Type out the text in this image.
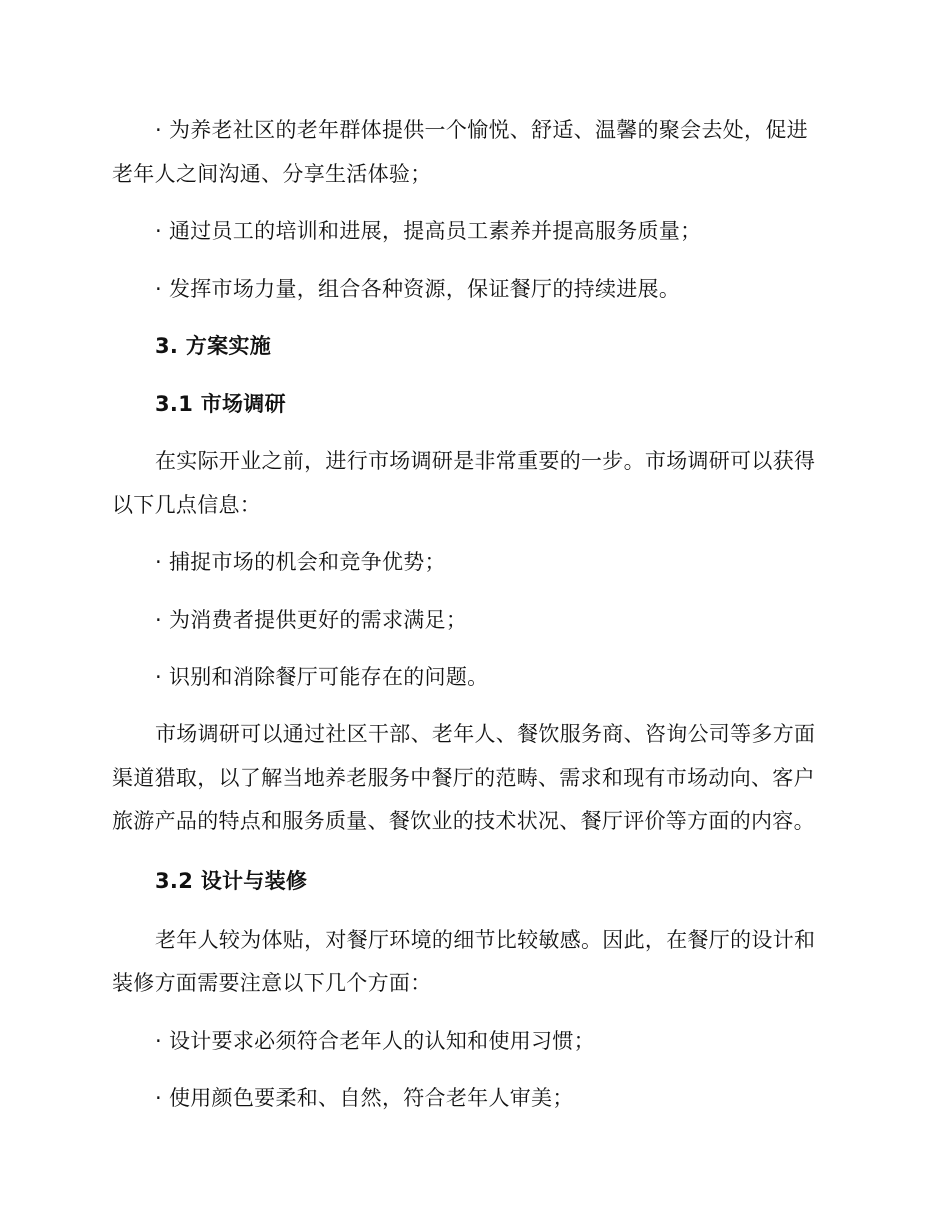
· 为养老社区的老年群体提供一个愉悦、舒适、温馨的聚会去处，促进
老年人之间沟通、分享生活体验；
· 通过员工的培训和进展，提高员工素养并提高服务质量；
· 发挥市场力量，组合各种资源，保证餐厅的持续进展。
3. 方案实施
3.1 市场调研
在实际开业之前，进行市场调研是非常重要的一步。市场调研可以获得
以下几点信息：
· 捕捉市场的机会和竞争优势；
· 为消费者提供更好的需求满足；
· 识别和消除餐厅可能存在的问题。
市场调研可以通过社区干部、老年人、餐饮服务商、咨询公司等多方面
渠道猎取，以了解当地养老服务中餐厅的范畴、需求和现有市场动向、客户
旅游产品的特点和服务质量、餐饮业的技术状况、餐厅评价等方面的内容。
3.2 设计与装修
老年人较为体贴，对餐厅环境的细节比较敏感。因此，在餐厅的设计和
装修方面需要注意以下几个方面：
· 设计要求必须符合老年人的认知和使用习惯；
· 使用颜色要柔和、自然，符合老年人审美；
